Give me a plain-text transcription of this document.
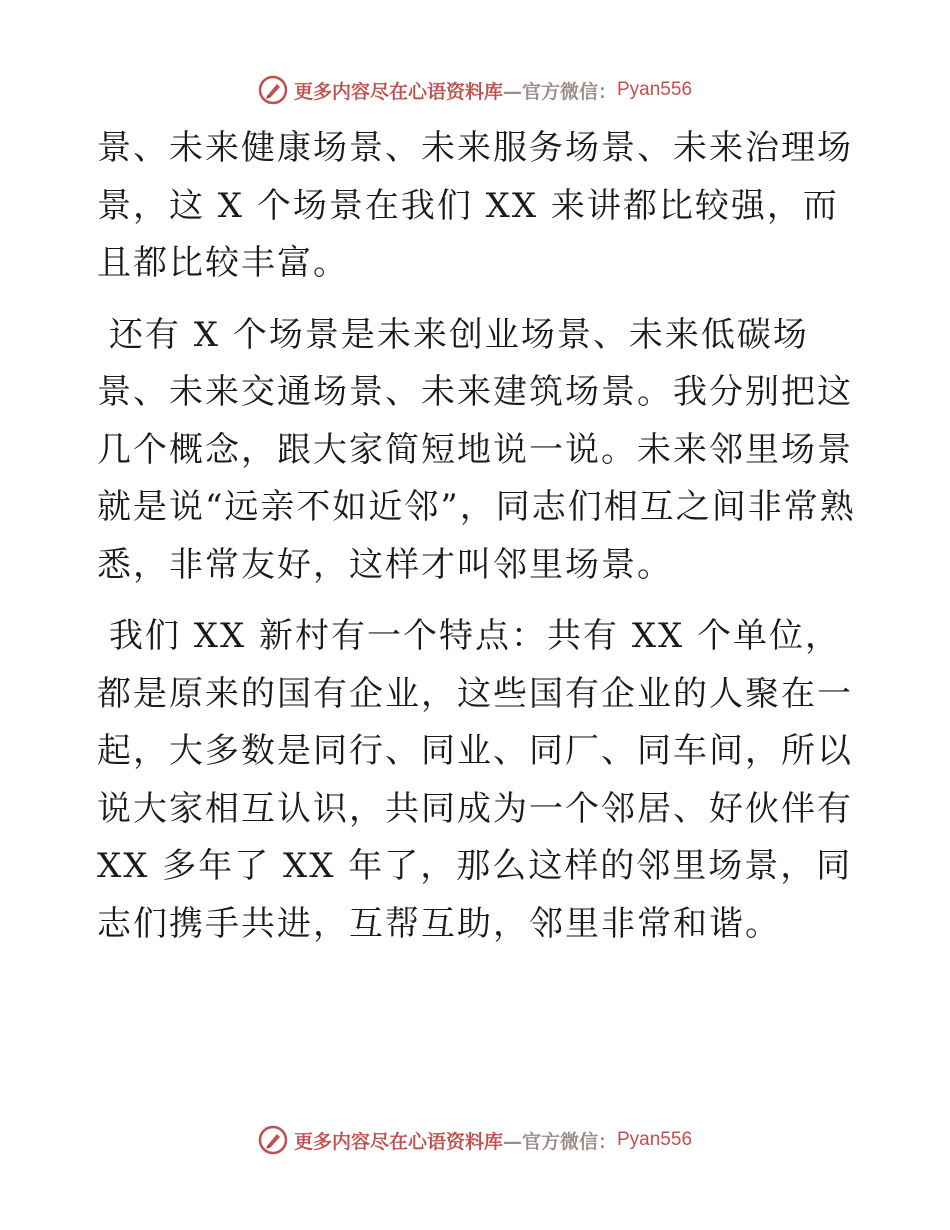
更多内容尽在心语资料库 —官方微信： Pyan556

景、未来健康场景、未来服务场景、未来治理场景，这 X 个场景在我们 XX 来讲都比较强，而且都比较丰富。

还有 X 个场景是未来创业场景、未来低碳场景、未来交通场景、未来建筑场景。我分别把这几个概念，跟大家简短地说一说。未来邻里场景就是说“远亲不如近邻”，同志们相互之间非常熟悉，非常友好，这样才叫邻里场景。

我们 XX 新村有一个特点：共有 XX 个单位，都是原来的国有企业，这些国有企业的人聚在一起，大多数是同行、同业、同厂、同车间，所以说大家相互认识，共同成为一个邻居、好伙伴有 XX 多年了 XX 年了，那么这样的邻里场景，同志们携手共进，互帮互助，邻里非常和谐。

更多内容尽在心语资料库 —官方微信： Pyan556
